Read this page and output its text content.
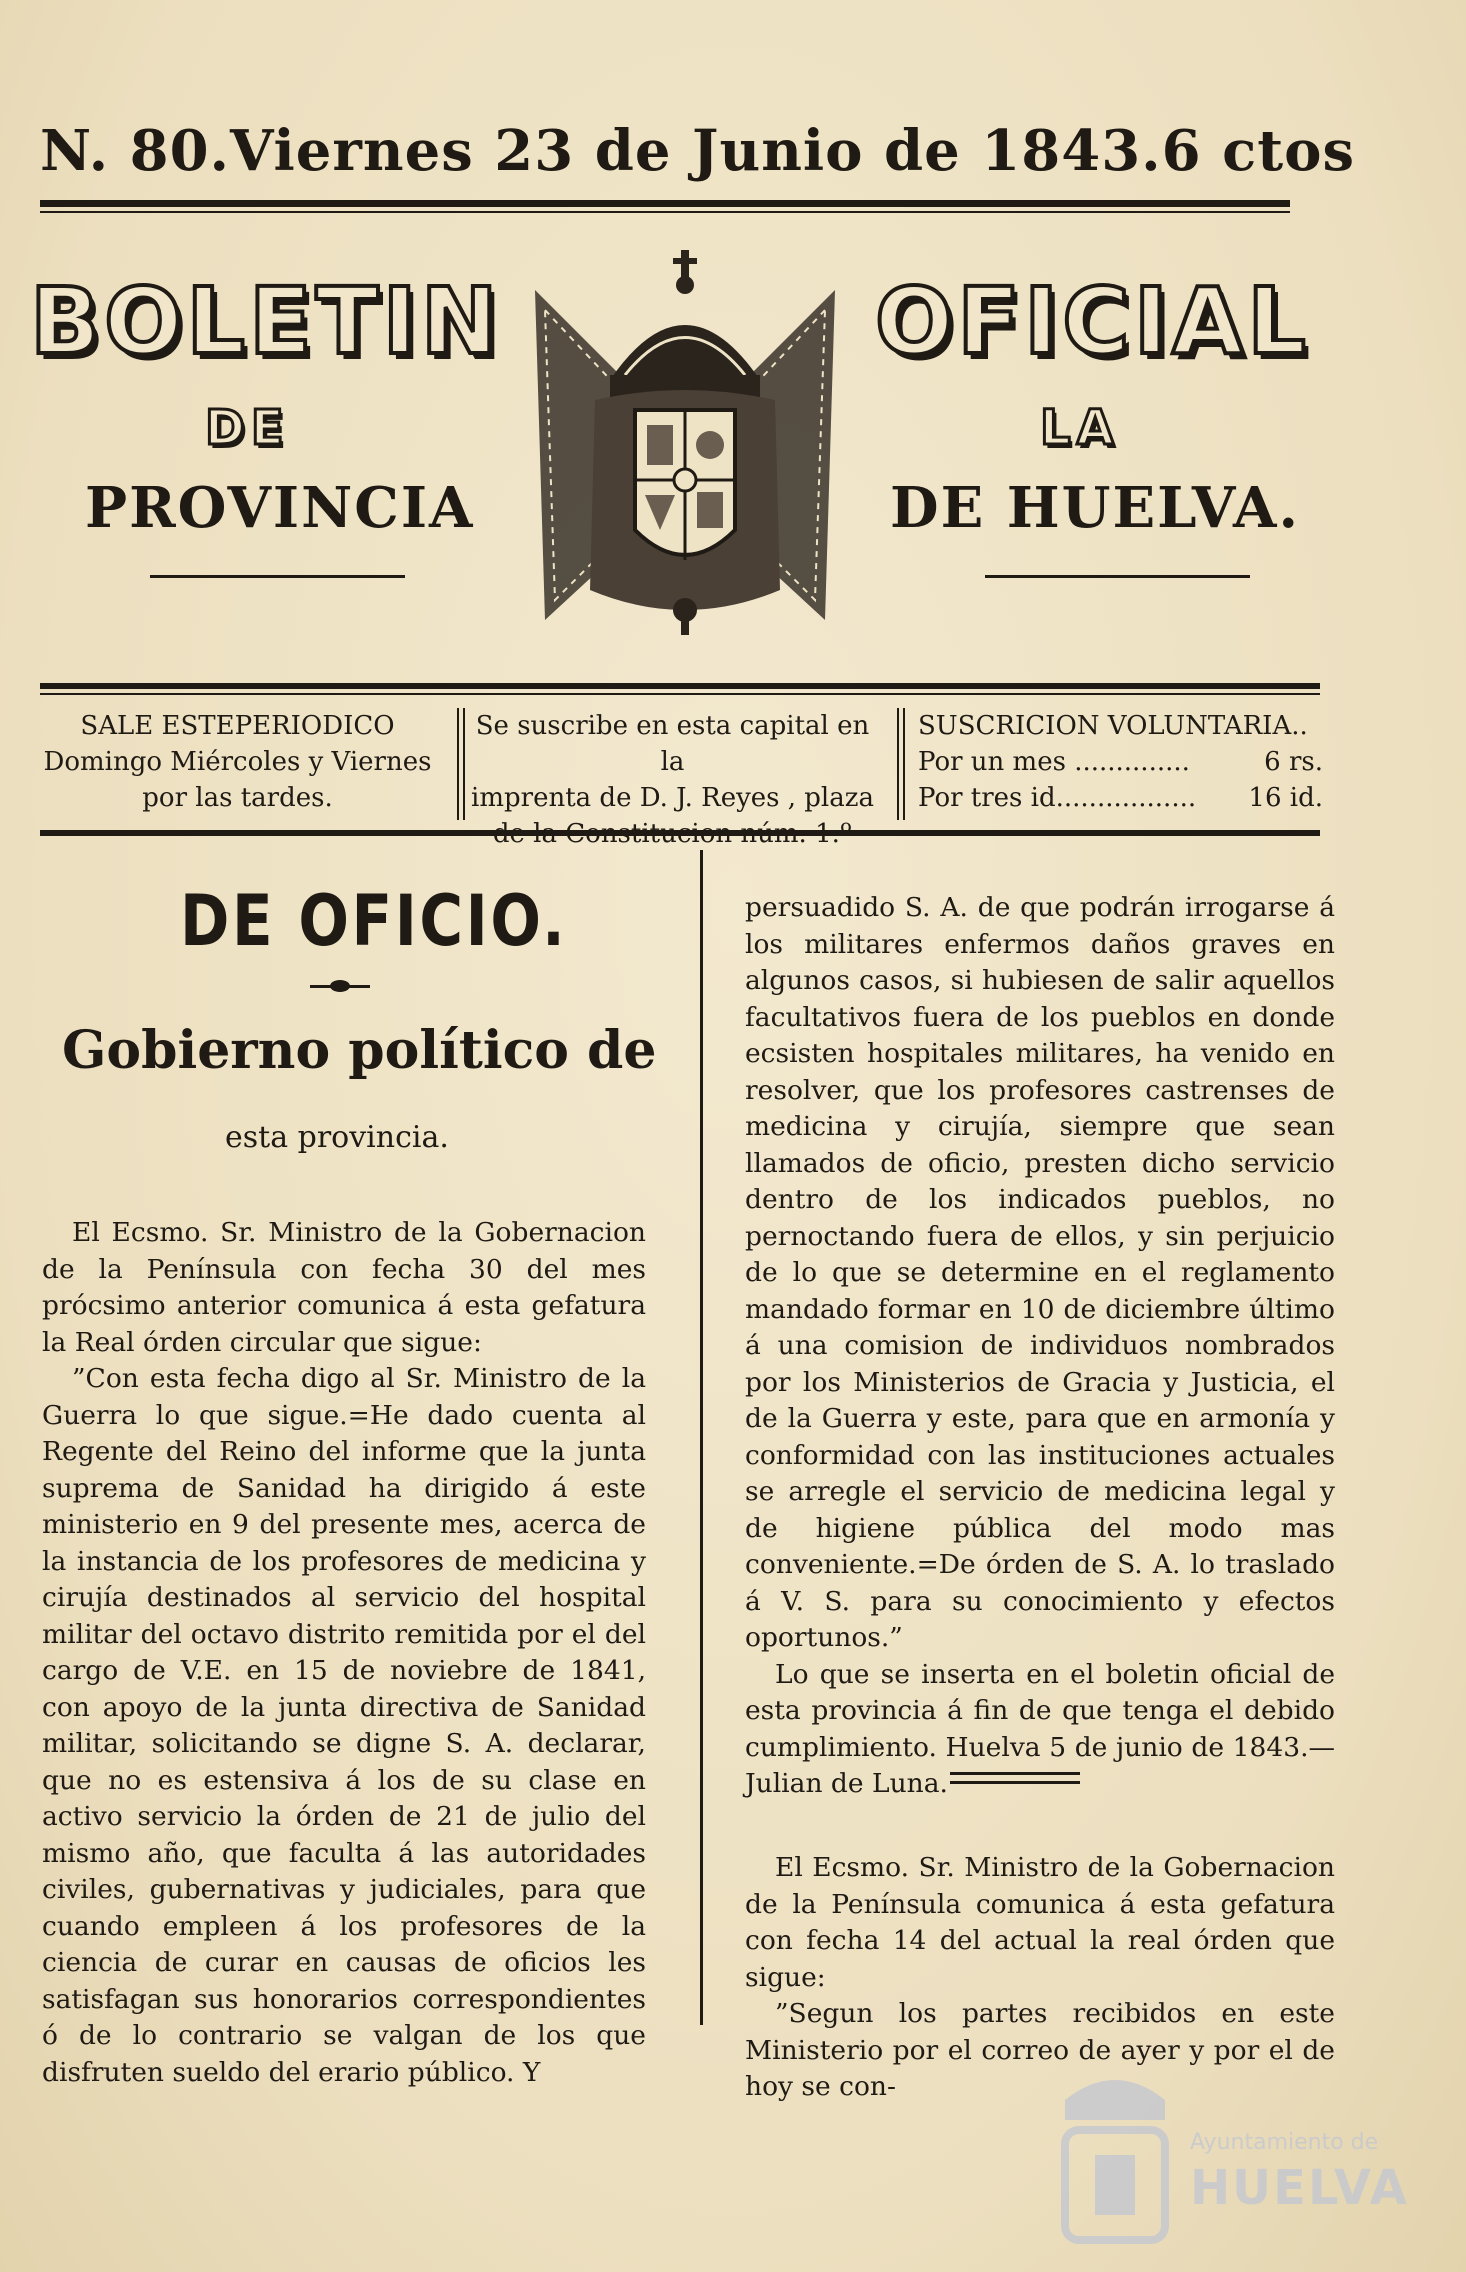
N. 80. Viernes 23 de Junio de 1843. 6 ctos
BOLETIN	OFICIAL
DE	LA
PROVINCIA	DE HUELVA.
SALE ESTEPERIODICO
Domingo Miércoles y Viernes
por las tardes.
Se suscribe en esta capital en la
imprenta de D. J. Reyes , plaza
SUSCRICION VOLUNTARIA..
Por un mes ..............	6 rs.
Por tres id................. 16 id.
DE OFICIO.
Gobierno político de
esta provincia.

El Ecsmo. Sr. Ministro de la Gobernacion de la Península con fecha 30 del mes prócsimo anterior comunica á esta gefatura la Real órden circular que sigue:

”Con esta fecha digo al Sr. Ministro de la Guerra lo que sigue.=He dado cuenta al Regente del Reino del informe que la junta suprema de Sanidad ha dirigido á este ministerio en 9 del presente mes, acerca de la instancia de los profesores de medicina y cirujía destinados al servicio del hospital militar del octavo distrito remitida por el del cargo de V.E. en 15 de noviebre de 1841, con apoyo de la junta directiva de Sanidad militar, solicitando se digne S. A. declarar, que no es estensiva á los de su clase en activo servicio la órden de 21 de julio del mismo año, que faculta á las autoridades civiles, gubernativas y judiciales, para que cuando empleen á los profesores de la ciencia de curar en causas de oficios les satisfagan sus honorarios correspondientes ó de lo contrario se valgan de los que disfruten sueldo del erario público. Y

persuadido S. A. de que podrán irrogarse á los militares enfermos daños graves en algunos casos, si hubiesen de salir aquellos facultativos fuera de los pueblos en donde ecsisten hospitales militares, ha venido en resolver, que los profesores castrenses de medicina y cirujía, siempre que sean llamados de oficio, presten dicho servicio dentro de los indicados pueblos, no pernoctando fuera de ellos, y sin perjuicio de lo que se determine en el reglamento mandado formar en 10 de diciembre último á una comision de individuos nombrados por los Ministerios de Gracia y Justicia, el de la Guerra y este, para que en armonía y conformidad con las instituciones actuales se arregle el servicio de medicina legal y de higiene pública del modo mas conveniente.=De órden de S. A. lo traslado á V. S. para su conocimiento y efectos oportunos.”

Lo que se inserta en el boletin oficial de esta provincia á fin de que tenga el debido cumplimiento. Huelva 5 de junio de 1843.—Julian de Luna.

El Ecsmo. Sr. Ministro de la Gobernacion de la Península comunica á esta gefatura con fecha 14 del actual la real órden que sigue:

”Segun los partes recibidos en este Ministerio por el correo de ayer y por el de hoy se con-

Ayuntamiento de
HUELVA
